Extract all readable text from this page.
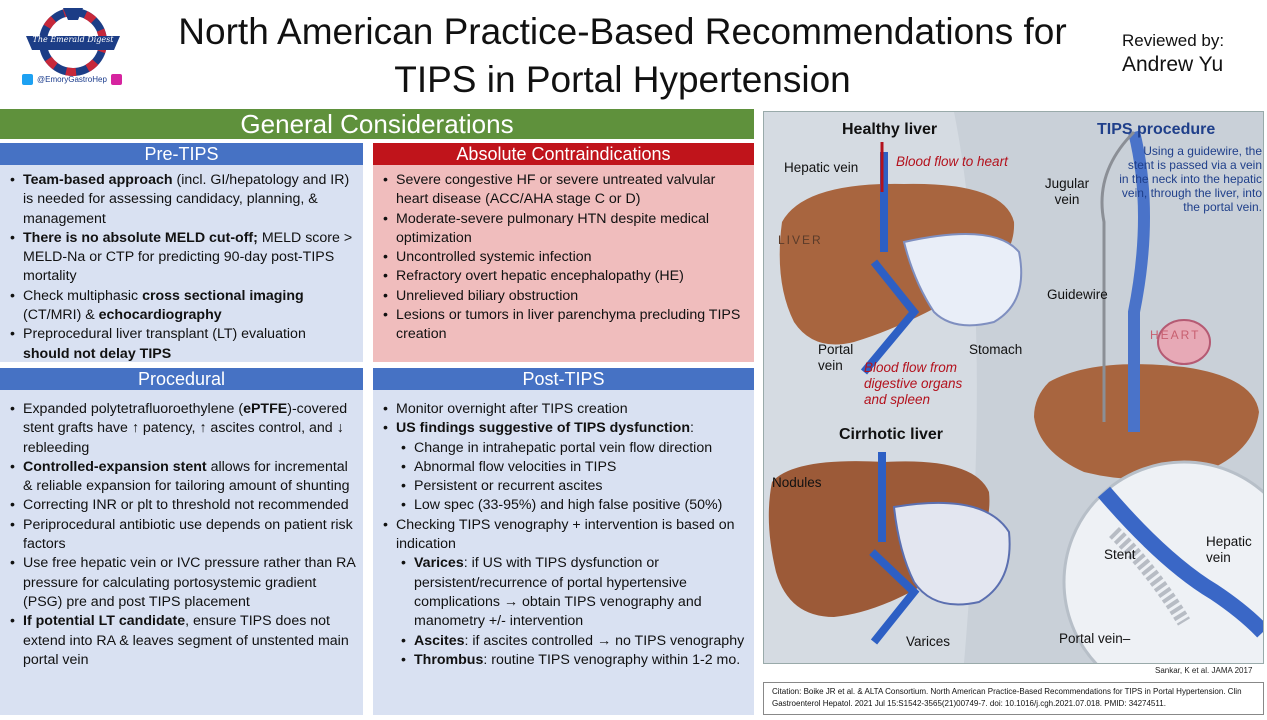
The Emerald Digest
@EmoryGastroHep
North American Practice-Based Recommendations for
TIPS in Portal Hypertension
Reviewed by:
Andrew Yu
General Considerations
Pre-TIPS
• Team-based approach (incl. GI/hepatology and IR) is needed for assessing candidacy, planning, & management
• There is no absolute MELD cut-off; MELD score > MELD-Na or CTP for predicting 90-day post-TIPS mortality
• Check multiphasic cross sectional imaging (CT/MRI) & echocardiography
• Preprocedural liver transplant (LT) evaluation should not delay TIPS
Absolute Contraindications
• Severe congestive HF or severe untreated valvular heart disease (ACC/AHA stage C or D)
• Moderate-severe pulmonary HTN despite medical optimization
• Uncontrolled systemic infection
• Refractory overt hepatic encephalopathy (HE)
• Unrelieved biliary obstruction
• Lesions or tumors in liver parenchyma precluding TIPS creation
Procedural
• Expanded polytetrafluoroethylene (ePTFE)-covered stent grafts have ↑ patency, ↑ ascites control, and ↓ rebleeding
• Controlled-expansion stent allows for incremental & reliable expansion for tailoring amount of shunting
• Correcting INR or plt to threshold not recommended
• Periprocedural antibiotic use depends on patient risk factors
• Use free hepatic vein or IVC pressure rather than RA pressure for calculating portosystemic gradient (PSG) pre and post TIPS placement
• If potential LT candidate, ensure TIPS does not extend into RA & leaves segment of unstented main portal vein
Post-TIPS
• Monitor overnight after TIPS creation
• US findings suggestive of TIPS dysfunction:
• Change in intrahepatic portal vein flow direction
• Abnormal flow velocities in TIPS
• Persistent or recurrent ascites
• Low spec (33-95%) and high false positive (50%)
• Checking TIPS venography + intervention is based on indication
• Varices: if US with TIPS dysfunction or persistent/recurrence of portal hypertensive complications → obtain TIPS venography and manometry +/- intervention
• Ascites: if ascites controlled → no TIPS venography
• Thrombus: routine TIPS venography within 1-2 mo.
Healthy liver	TIPS procedure
Using a guidewire, the stent is passed via a vein in the neck into the hepatic vein, through the liver, into the portal vein.
Hepatic vein	Blood flow to heart
LIVER
Jugular vein
Guidewire
HEART
Portal vein
Stomach
Blood flow from digestive organs and spleen
Cirrhotic liver
Nodules
Stent
Hepatic vein
Varices	Portal vein–
Sankar, K et al. JAMA 2017
Citation: Boike JR et al. & ALTA Consortium. North American Practice-Based Recommendations for TIPS in Portal Hypertension. Clin Gastroenterol Hepatol. 2021 Jul 15:S1542-3565(21)00749-7. doi: 10.1016/j.cgh.2021.07.018. PMID: 34274511.
